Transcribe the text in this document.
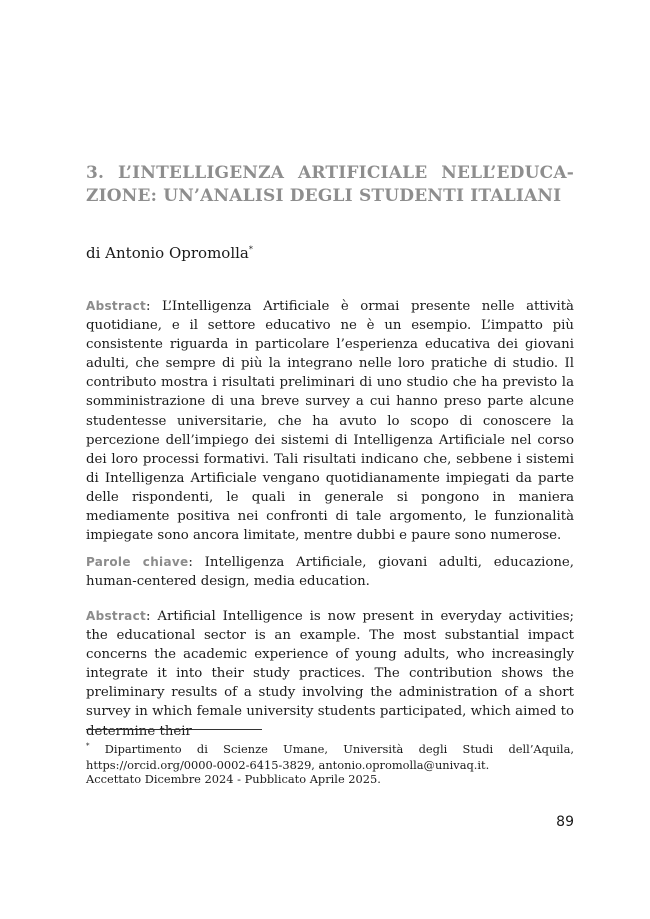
3. L’INTELLIGENZA ARTIFICIALE NELL’EDUCA-ZIONE: UN’ANALISI DEGLI STUDENTI ITALIANI

di Antonio Opromolla*

Abstract: L’Intelligenza Artificiale è ormai presente nelle attività quotidiane, e il settore educativo ne è un esempio. L’impatto più consistente riguarda in particolare l’esperienza educativa dei giovani adulti, che sempre di più la integrano nelle loro pratiche di studio. Il contributo mostra i risultati preliminari di uno studio che ha previsto la somministrazione di una breve survey a cui hanno preso parte alcune studentesse universitarie, che ha avuto lo scopo di conoscere la percezione dell’impiego dei sistemi di Intelligenza Artificiale nel corso dei loro processi formativi. Tali risultati indicano che, sebbene i sistemi di Intelligenza Artificiale vengano quotidianamente impiegati da parte delle rispondenti, le quali in generale si pongono in maniera mediamente positiva nei confronti di tale argomento, le funzionalità impiegate sono ancora limitate, mentre dubbi e paure sono numerose.

Parole chiave: Intelligenza Artificiale, giovani adulti, educazione, human-centered design, media education.

Abstract: Artificial Intelligence is now present in everyday activities; the educational sector is an example. The most substantial impact concerns the academic experience of young adults, who increasingly integrate it into their study practices. The contribution shows the preliminary results of a study involving the administration of a short survey in which female university students participated, which aimed to determine their

* Dipartimento di Scienze Umane, Università degli Studi dell’Aquila, https://orcid.org/0000-0002-6415-3829, antonio.opromolla@univaq.it.

Accettato Dicembre 2024 - Pubblicato Aprile 2025.

89
